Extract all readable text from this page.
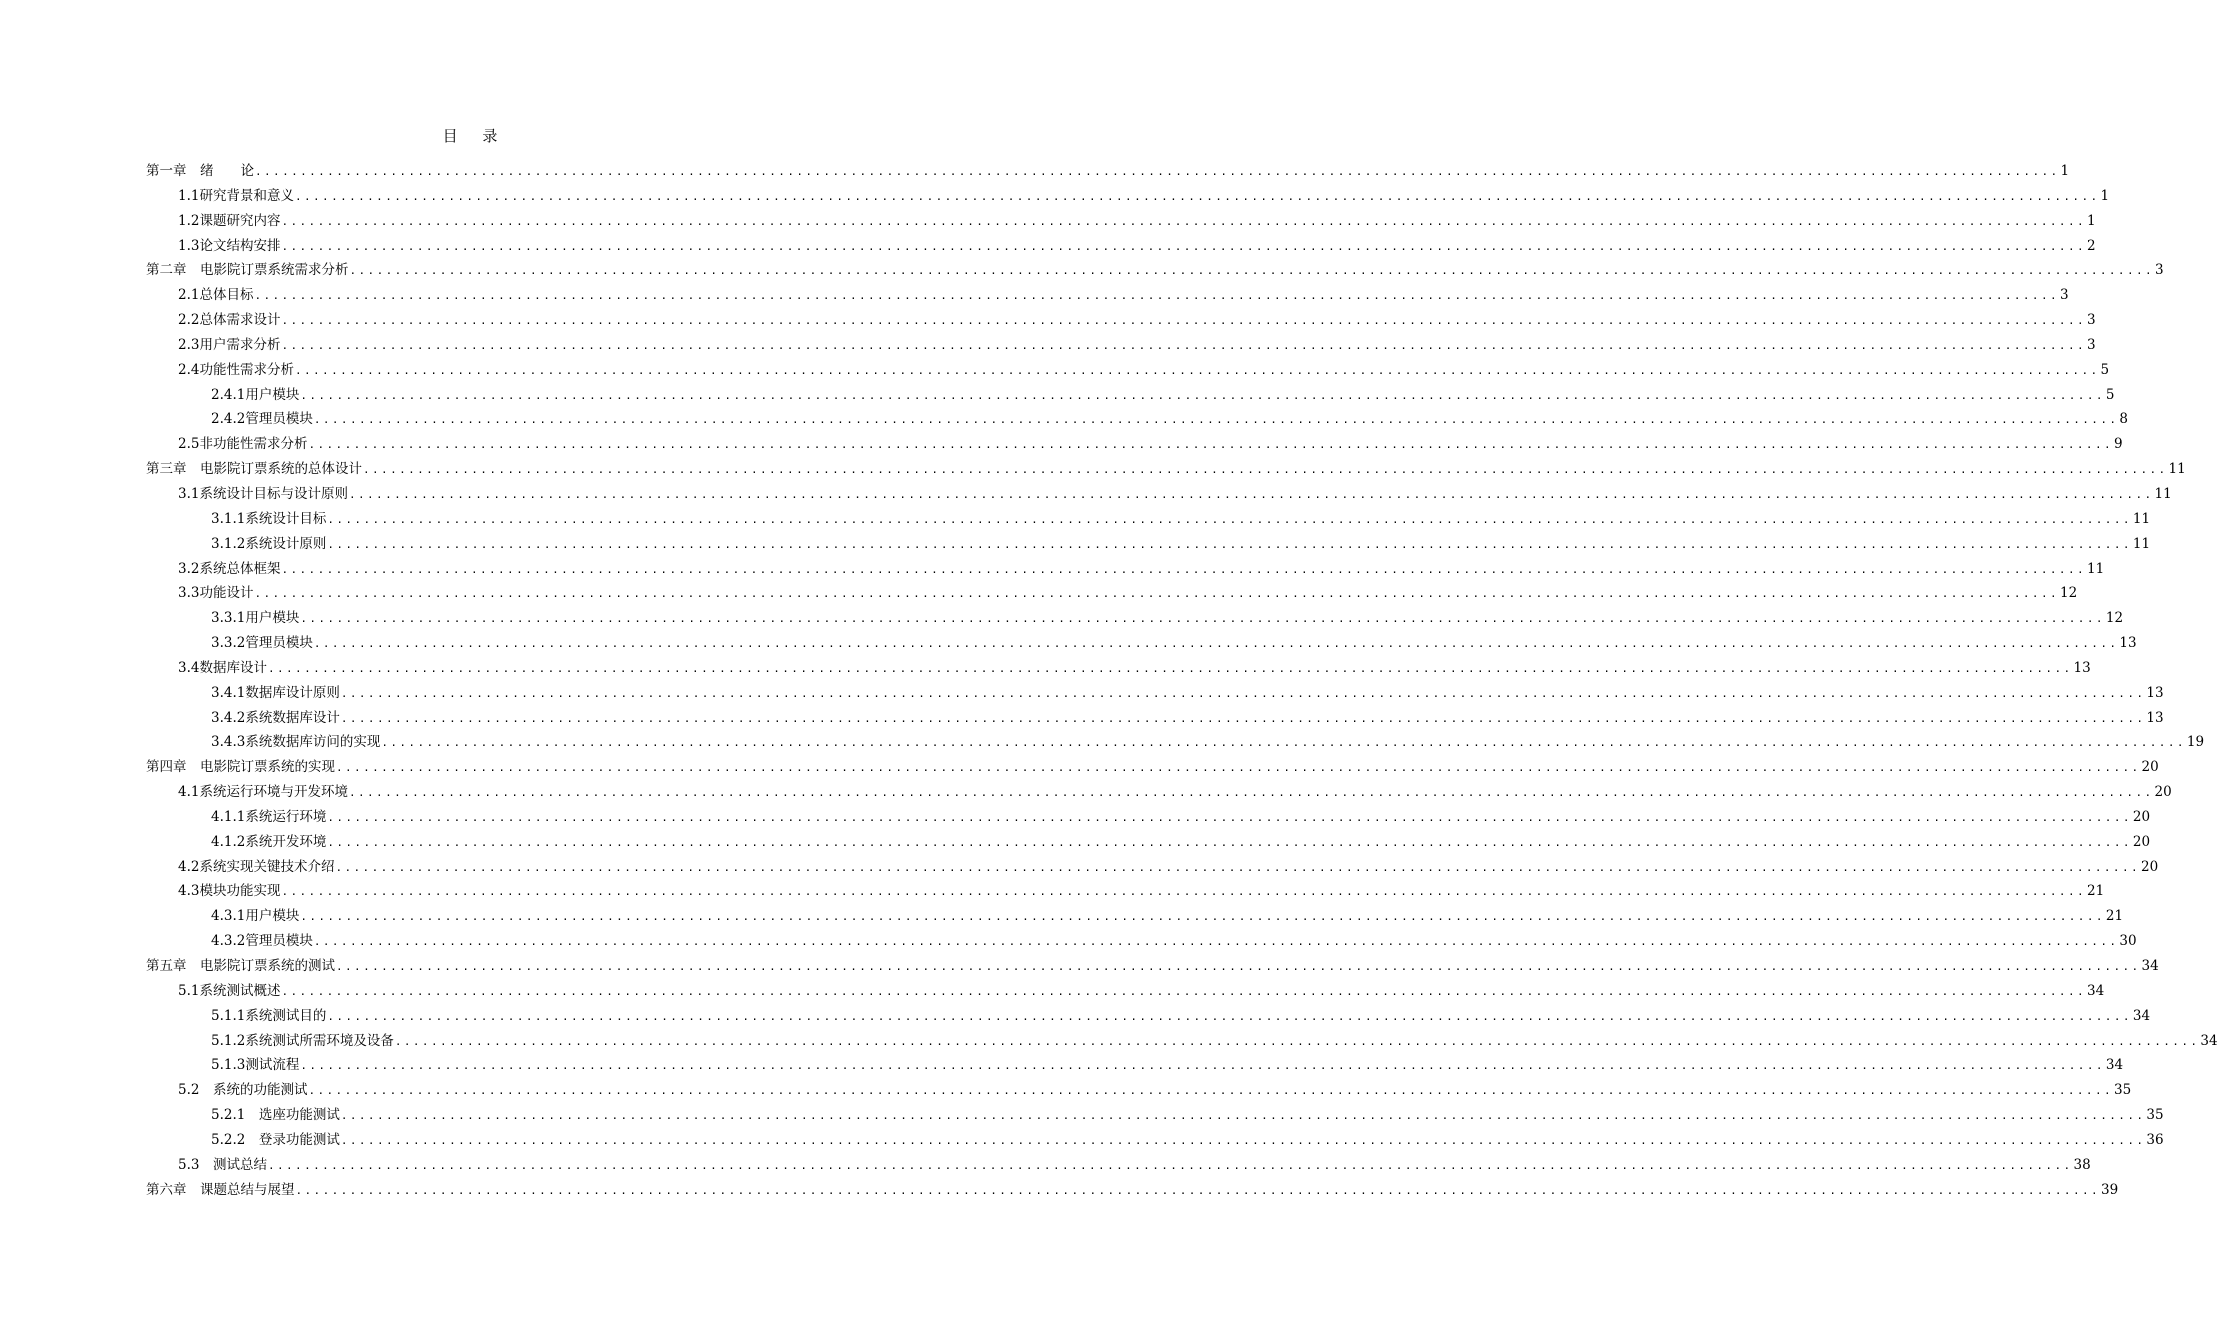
目 录
第一章　绪　　论 ........................................................................................................................................................................................................ 1
1.1研究背景和意义 ........................................................................................................................................................................................................ 1
1.2课题研究内容 ........................................................................................................................................................................................................ 1
1.3论文结构安排 ........................................................................................................................................................................................................ 2
第二章　电影院订票系统需求分析 ........................................................................................................................................................................................................ 3
2.1总体目标 ........................................................................................................................................................................................................ 3
2.2总体需求设计 ........................................................................................................................................................................................................ 3
2.3用户需求分析 ........................................................................................................................................................................................................ 3
2.4功能性需求分析 ........................................................................................................................................................................................................ 5
2.4.1用户模块 ........................................................................................................................................................................................................ 5
2.4.2管理员模块 ........................................................................................................................................................................................................ 8
2.5非功能性需求分析 ........................................................................................................................................................................................................ 9
第三章　电影院订票系统的总体设计 ........................................................................................................................................................................................................ 11
3.1系统设计目标与设计原则 ........................................................................................................................................................................................................ 11
3.1.1系统设计目标 ........................................................................................................................................................................................................ 11
3.1.2系统设计原则 ........................................................................................................................................................................................................ 11
3.2系统总体框架 ........................................................................................................................................................................................................ 11
3.3功能设计 ........................................................................................................................................................................................................ 12
3.3.1用户模块 ........................................................................................................................................................................................................ 12
3.3.2管理员模块 ........................................................................................................................................................................................................ 13
3.4数据库设计 ........................................................................................................................................................................................................ 13
3.4.1数据库设计原则 ........................................................................................................................................................................................................ 13
3.4.2系统数据库设计 ........................................................................................................................................................................................................ 13
3.4.3系统数据库访问的实现 ........................................................................................................................................................................................................ 19
第四章　电影院订票系统的实现 ........................................................................................................................................................................................................ 20
4.1系统运行环境与开发环境 ........................................................................................................................................................................................................ 20
4.1.1系统运行环境 ........................................................................................................................................................................................................ 20
4.1.2系统开发环境 ........................................................................................................................................................................................................ 20
4.2系统实现关键技术介绍 ........................................................................................................................................................................................................ 20
4.3模块功能实现 ........................................................................................................................................................................................................ 21
4.3.1用户模块 ........................................................................................................................................................................................................ 21
4.3.2管理员模块 ........................................................................................................................................................................................................ 30
第五章　电影院订票系统的测试 ........................................................................................................................................................................................................ 34
5.1系统测试概述 ........................................................................................................................................................................................................ 34
5.1.1系统测试目的 ........................................................................................................................................................................................................ 34
5.1.2系统测试所需环境及设备 ........................................................................................................................................................................................................ 34
5.1.3测试流程 ........................................................................................................................................................................................................ 34
5.2　系统的功能测试 ........................................................................................................................................................................................................ 35
5.2.1　选座功能测试 ........................................................................................................................................................................................................ 35
5.2.2　登录功能测试 ........................................................................................................................................................................................................ 36
5.3　测试总结 ........................................................................................................................................................................................................ 38
第六章　课题总结与展望 ........................................................................................................................................................................................................ 39
